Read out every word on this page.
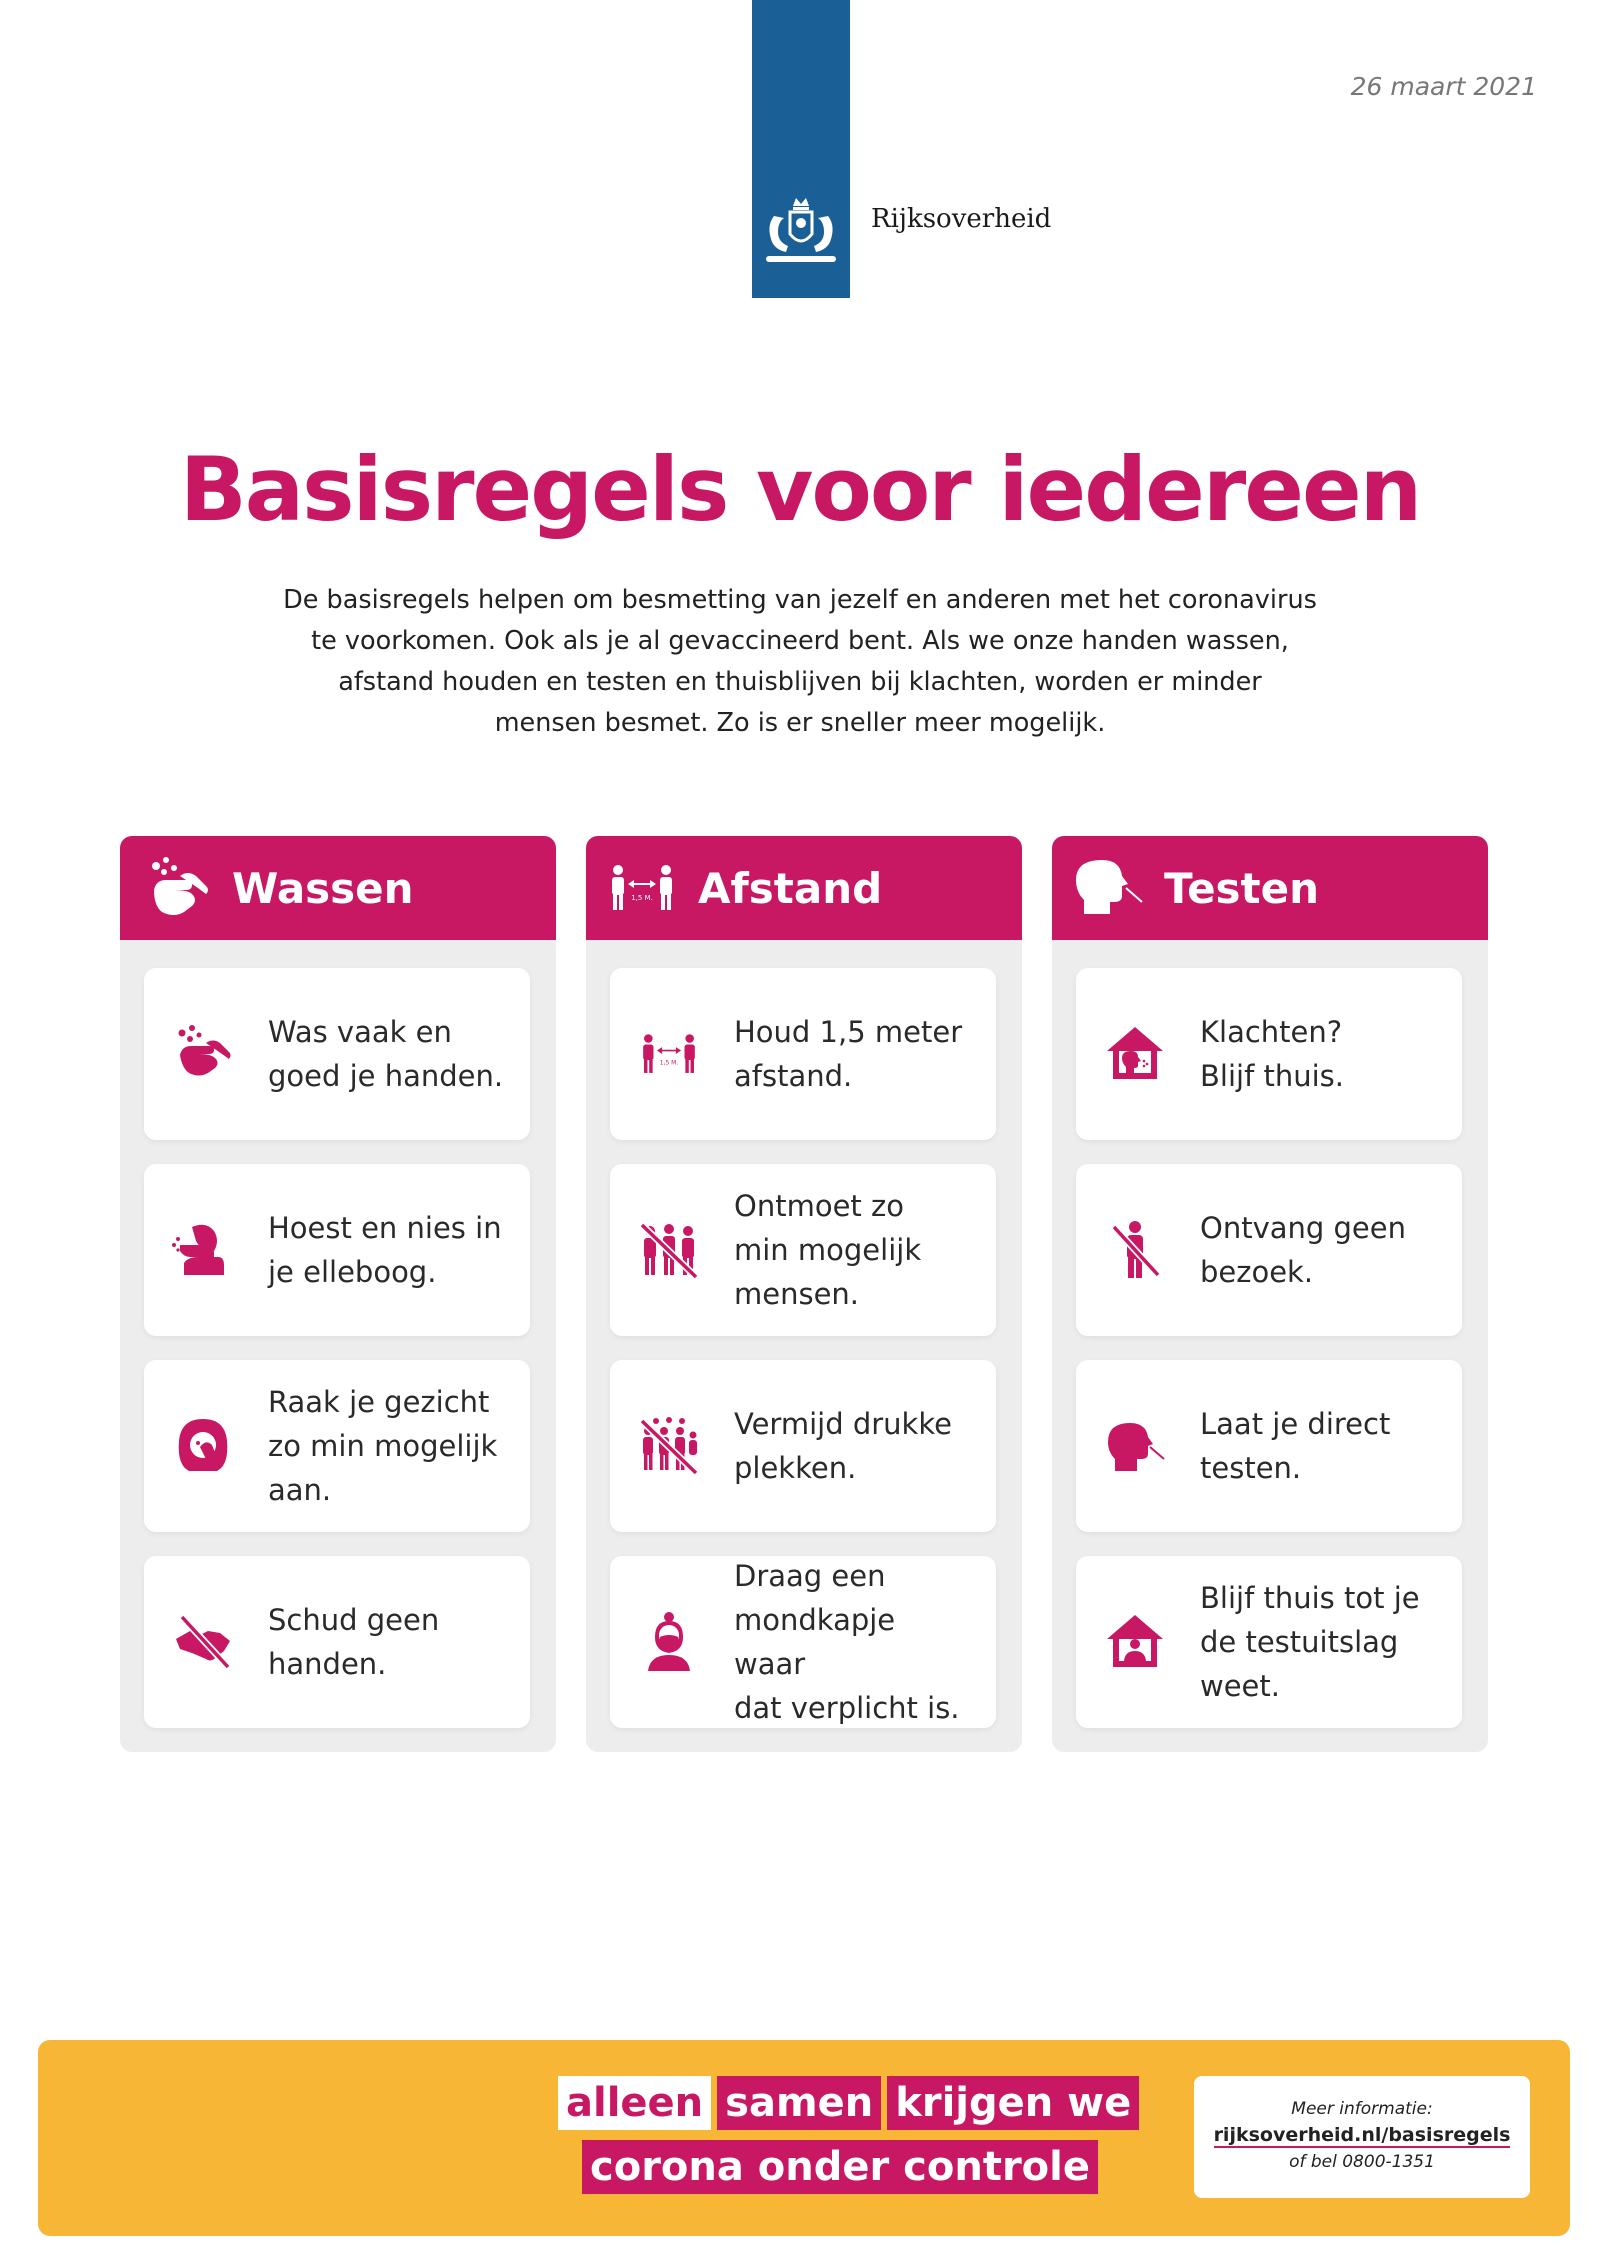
26 maart 2021
Rijksoverheid
Basisregels voor iedereen
De basisregels helpen om besmetting van jezelf en anderen met het coronavirus
te voorkomen. Ook als je al gevaccineerd bent. Als we onze handen wassen,
afstand houden en testen en thuisblijven bij klachten, worden er minder
mensen besmet. Zo is er sneller meer mogelijk.
Wassen
Was vaak en
goed je handen.
Hoest en nies in
je elleboog.
Raak je gezicht
zo min mogelijk
aan.
Schud geen
handen.
1,5 M. Afstand
1,5 M.
Houd 1,5 meter
afstand.
Ontmoet zo
min mogelijk
mensen.
Vermijd drukke
plekken.
Draag een
mondkapje waar
dat verplicht is.
Testen
Klachten?
Blijf thuis.
Ontvang geen
bezoek.
Laat je direct
testen.
Blijf thuis tot je
de testuitslag
weet.
alleen samen krijgen we
corona onder controle
Meer informatie:
rijksoverheid.nl/basisregels
of bel 0800-1351
